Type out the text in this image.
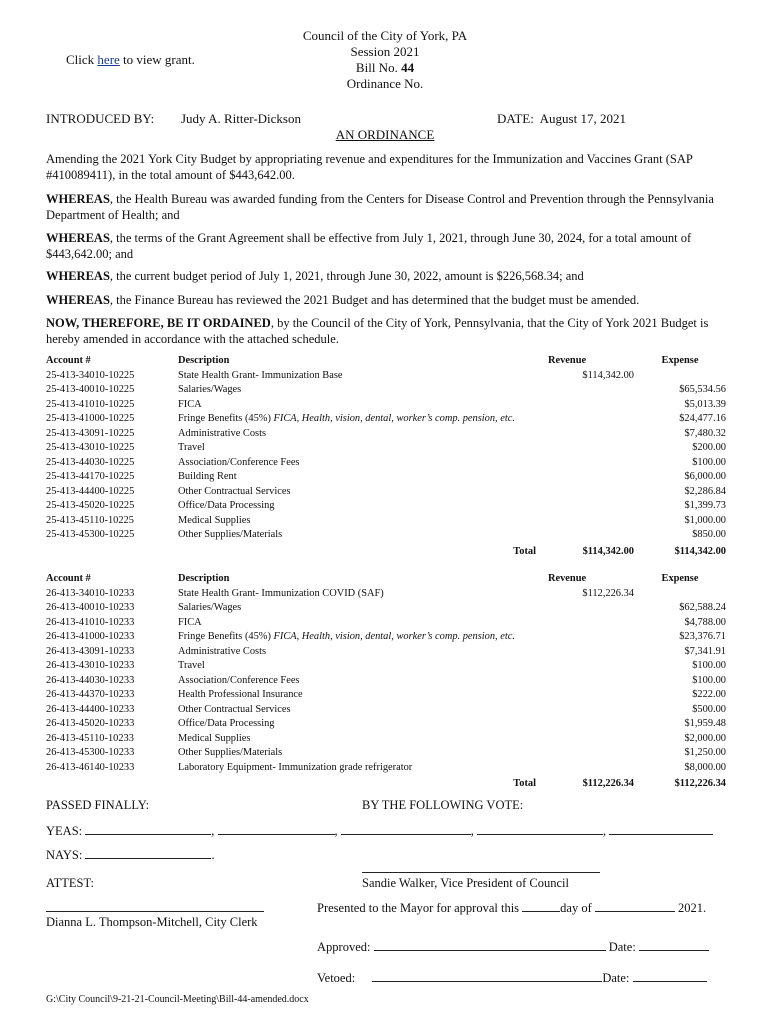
Click here to view grant.
Council of the City of York, PA
Session 2021
Bill No. 44
Ordinance No.
INTRODUCED BY: Judy A. Ritter-Dickson	DATE: August 17, 2021
AN ORDINANCE
Amending the 2021 York City Budget by appropriating revenue and expenditures for the Immunization and Vaccines Grant (SAP #410089411), in the total amount of $443,642.00.
WHEREAS, the Health Bureau was awarded funding from the Centers for Disease Control and Prevention through the Pennsylvania Department of Health; and
WHEREAS, the terms of the Grant Agreement shall be effective from July 1, 2021, through June 30, 2024, for a total amount of $443,642.00; and
WHEREAS, the current budget period of July 1, 2021, through June 30, 2022, amount is $226,568.34; and
WHEREAS, the Finance Bureau has reviewed the 2021 Budget and has determined that the budget must be amended.
NOW, THEREFORE, BE IT ORDAINED, by the Council of the City of York, Pennsylvania, that the City of York 2021 Budget is hereby amended in accordance with the attached schedule.
Account #	Description	Revenue	Expense
25-413-34010-10225	State Health Grant- Immunization Base	$114,342.00	
25-413-40010-10225	Salaries/Wages		$65,534.56
25-413-41010-10225	FICA		$5,013.39
25-413-41000-10225	Fringe Benefits (45%) FICA, Health, vision, dental, worker’s comp. pension, etc.		$24,477.16
25-413-43091-10225	Administrative Costs		$7,480.32
25-413-43010-10225	Travel		$200.00
25-413-44030-10225	Association/Conference Fees		$100.00
25-413-44170-10225	Building Rent		$6,000.00
25-413-44400-10225	Other Contractual Services		$2,286.84
25-413-45020-10225	Office/Data Processing		$1,399.73
25-413-45110-10225	Medical Supplies		$1,000.00
25-413-45300-10225	Other Supplies/Materials		$850.00
	Total	$114,342.00	$114,342.00
Account #	Description	Revenue	Expense
26-413-34010-10233	State Health Grant- Immunization COVID (SAF)	$112,226.34	
26-413-40010-10233	Salaries/Wages		$62,588.24
26-413-41010-10233	FICA		$4,788.00
26-413-41000-10233	Fringe Benefits (45%) FICA, Health, vision, dental, worker’s comp. pension, etc.		$23,376.71
26-413-43091-10233	Administrative Costs		$7,341.91
26-413-43010-10233	Travel		$100.00
26-413-44030-10233	Association/Conference Fees		$100.00
26-413-44370-10233	Health Professional Insurance		$222.00
26-413-44400-10233	Other Contractual Services		$500.00
26-413-45020-10233	Office/Data Processing		$1,959.48
26-413-45110-10233	Medical Supplies		$2,000.00
26-413-45300-10233	Other Supplies/Materials		$1,250.00
26-413-46140-10233	Laboratory Equipment- Immunization grade refrigerator		$8,000.00
	Total	$112,226.34	$112,226.34
PASSED FINALLY:	BY THE FOLLOWING VOTE:
YEAS:	,	,	,	,
NAYS:	.
ATTEST:	Sandie Walker, Vice President of Council
Dianna L. Thompson-Mitchell, City Clerk
Presented to the Mayor for approval this	day of	2021.
Approved:	Date:
Vetoed:	Date:
G:\City Council\9-21-21-Council-Meeting\Bill-44-amended.docx
